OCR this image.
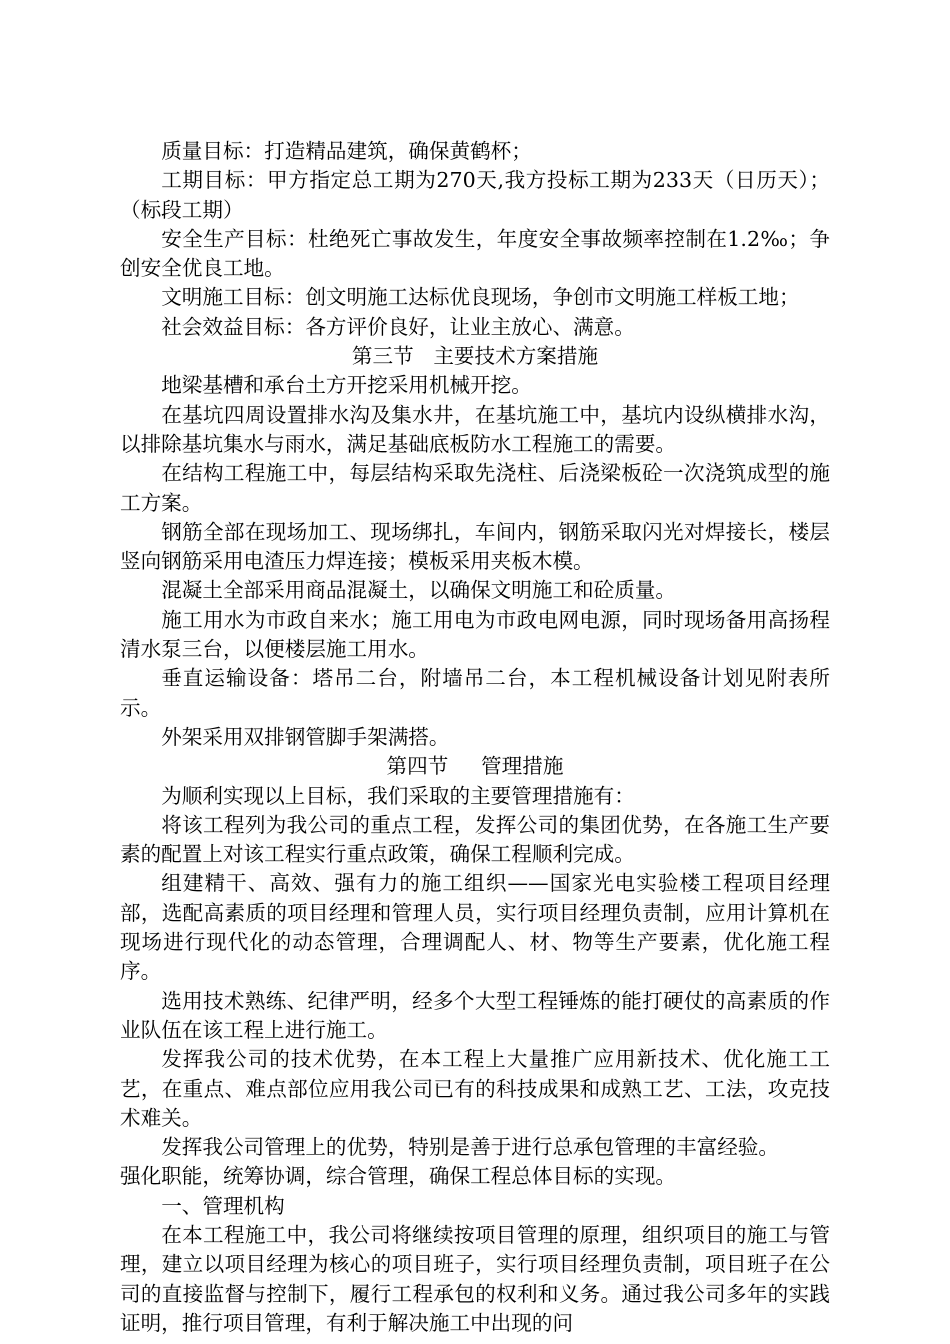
质量目标：打造精品建筑，确保黄鹤杯；

工期目标：甲方指定总工期为270天,我方投标工期为233天（日历天）；（标段工期）

安全生产目标：杜绝死亡事故发生，年度安全事故频率控制在1.2‰；争创安全优良工地。

文明施工目标：创文明施工达标优良现场，争创市文明施工样板工地；

社会效益目标：各方评价良好，让业主放心、满意。

第三节   主要技术方案措施

地梁基槽和承台土方开挖采用机械开挖。

在基坑四周设置排水沟及集水井，在基坑施工中，基坑内设纵横排水沟，以排除基坑集水与雨水，满足基础底板防水工程施工的需要。

在结构工程施工中，每层结构采取先浇柱、后浇梁板砼一次浇筑成型的施工方案。

钢筋全部在现场加工、现场绑扎，车间内，钢筋采取闪光对焊接长，楼层竖向钢筋采用电渣压力焊连接；模板采用夹板木模。

混凝土全部采用商品混凝土，以确保文明施工和砼质量。

施工用水为市政自来水；施工用电为市政电网电源，同时现场备用高扬程清水泵三台，以便楼层施工用水。

垂直运输设备：塔吊二台，附墙吊二台，本工程机械设备计划见附表所示。

外架采用双排钢管脚手架满搭。

第四节     管理措施

为顺利实现以上目标，我们采取的主要管理措施有：

将该工程列为我公司的重点工程，发挥公司的集团优势，在各施工生产要素的配置上对该工程实行重点政策，确保工程顺利完成。

组建精干、高效、强有力的施工组织——国家光电实验楼工程项目经理部，选配高素质的项目经理和管理人员，实行项目经理负责制，应用计算机在现场进行现代化的动态管理，合理调配人、材、物等生产要素，优化施工程序。

选用技术熟练、纪律严明，经多个大型工程锤炼的能打硬仗的高素质的作业队伍在该工程上进行施工。

发挥我公司的技术优势，在本工程上大量推广应用新技术、优化施工工艺，在重点、难点部位应用我公司已有的科技成果和成熟工艺、工法，攻克技术难关。

发挥我公司管理上的优势，特别是善于进行总承包管理的丰富经验。

强化职能，统筹协调，综合管理，确保工程总体目标的实现。

一、管理机构

在本工程施工中，我公司将继续按项目管理的原理，组织项目的施工与管理，建立以项目经理为核心的项目班子，实行项目经理负责制，项目班子在公司的直接监督与控制下，履行工程承包的权利和义务。通过我公司多年的实践证明，推行项目管理，有利于解决施工中出现的问
